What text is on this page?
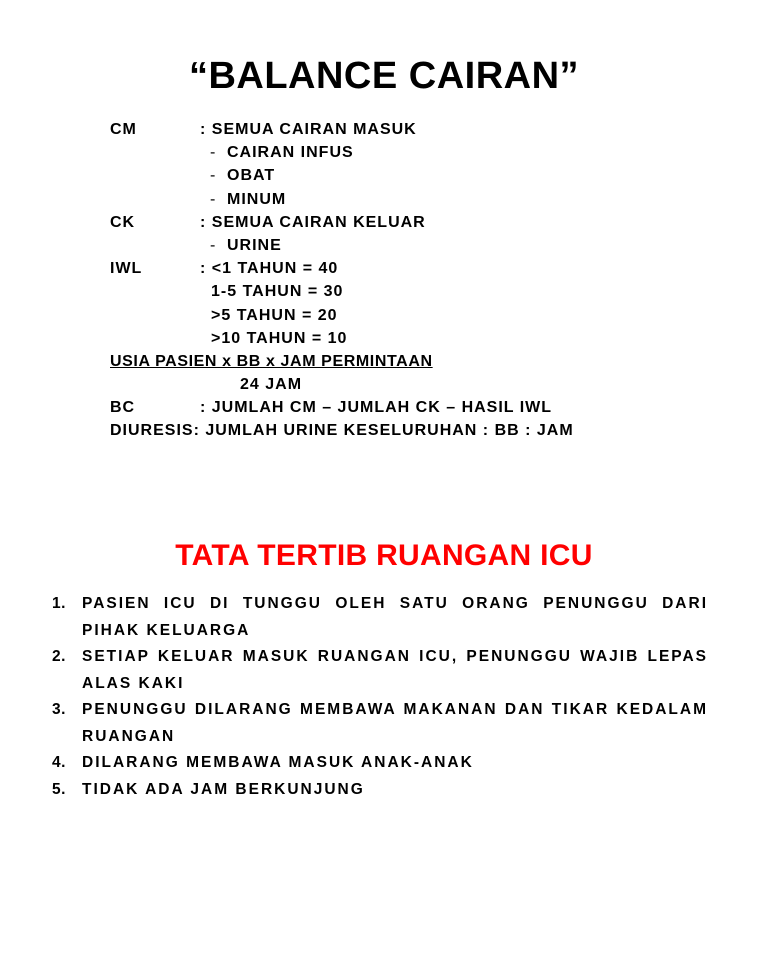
“BALANCE CAIRAN”
CM	: SEMUA CAIRAN MASUK
- CAIRAN INFUS
- OBAT
- MINUM
CK	: SEMUA CAIRAN KELUAR
- URINE
IWL	: <1 TAHUN = 40
1-5 TAHUN = 30
>5 TAHUN = 20
>10 TAHUN = 10
USIA PASIEN x BB x JAM PERMINTAAN
24 JAM
BC	: JUMLAH CM – JUMLAH CK – HASIL IWL
DIURESIS: JUMLAH URINE KESELURUHAN : BB : JAM
TATA TERTIB RUANGAN ICU
1. PASIEN ICU DI TUNGGU OLEH SATU ORANG PENUNGGU DARI PIHAK KELUARGA
2. SETIAP KELUAR MASUK RUANGAN ICU, PENUNGGU WAJIB LEPAS ALAS KAKI
3. PENUNGGU DILARANG MEMBAWA MAKANAN DAN TIKAR KEDALAM RUANGAN
4. DILARANG MEMBAWA MASUK ANAK-ANAK
5. TIDAK ADA JAM BERKUNJUNG
